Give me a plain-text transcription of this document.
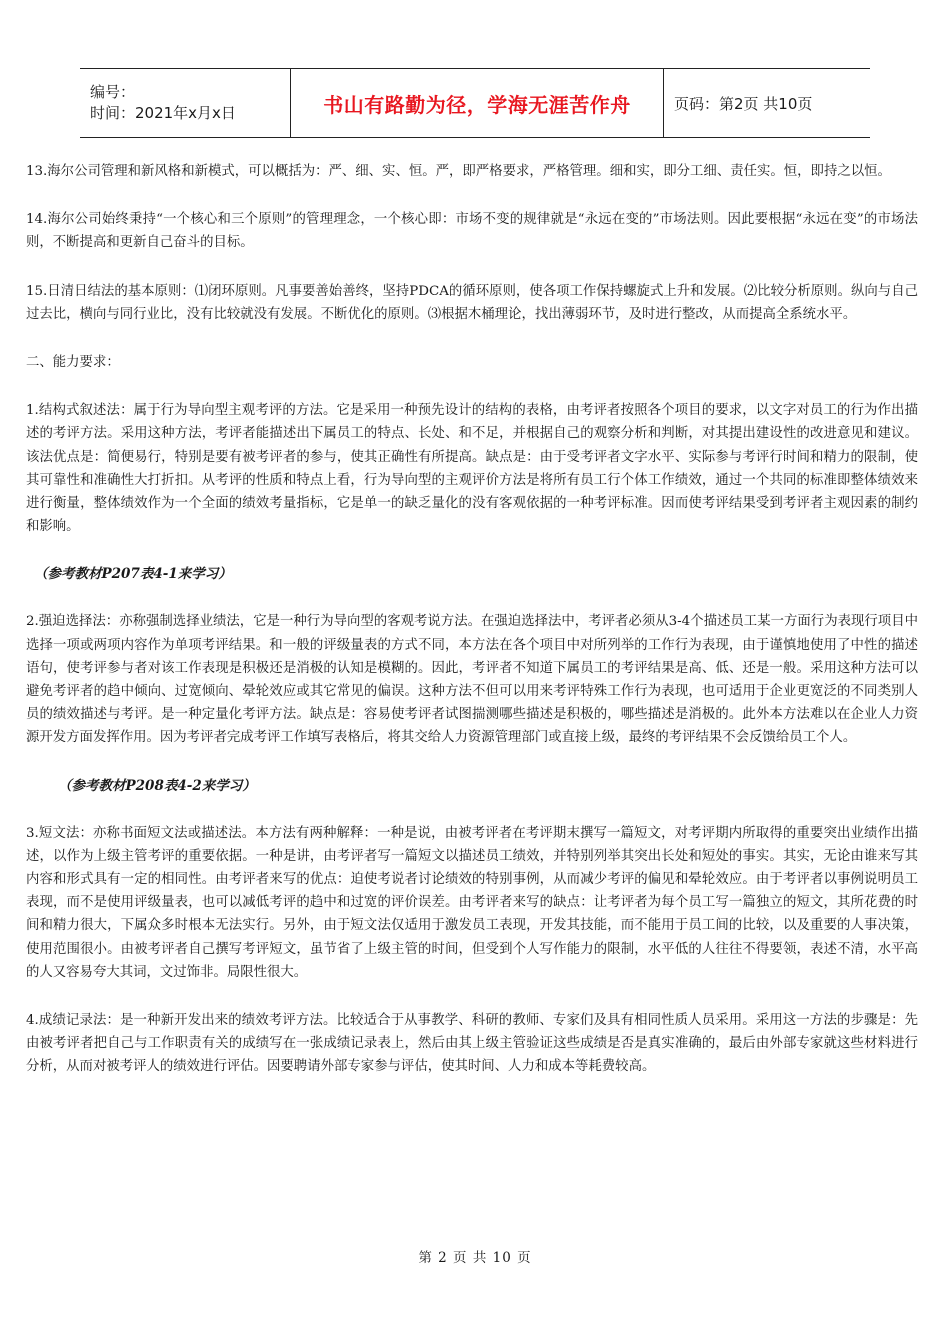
编号：
时间：2021年x月x日	书山有路勤为径，学海无涯苦作舟	页码：第2页 共10页

13.海尔公司管理和新风格和新模式，可以概括为：严、细、实、恒。严，即严格要求，严格管理。细和实，即分工细、责任实。恒，即持之以恒。

14.海尔公司始终秉持“一个核心和三个原则”的管理理念，一个核心即：市场不变的规律就是“永远在变的”市场法则。因此要根据“永远在变”的市场法则，不断提高和更新自己奋斗的目标。

15.日清日结法的基本原则：⑴闭环原则。凡事要善始善终，坚持PDCA的循环原则，使各项工作保持螺旋式上升和发展。⑵比较分析原则。纵向与自己过去比，横向与同行业比，没有比较就没有发展。不断优化的原则。⑶根据木桶理论，找出薄弱环节，及时进行整改，从而提高全系统水平。

二、能力要求：

1.结构式叙述法：属于行为导向型主观考评的方法。它是采用一种预先设计的结构的表格，由考评者按照各个项目的要求，以文字对员工的行为作出描述的考评方法。采用这种方法，考评者能描述出下属员工的特点、长处、和不足，并根据自己的观察分析和判断，对其提出建设性的改进意见和建议。该法优点是：简便易行，特别是要有被考评者的参与，使其正确性有所提高。缺点是：由于受考评者文字水平、实际参与考评行时间和精力的限制，使其可靠性和准确性大打折扣。从考评的性质和特点上看，行为导向型的主观评价方法是将所有员工行个体工作绩效，通过一个共同的标准即整体绩效来进行衡量，整体绩效作为一个全面的绩效考量指标，它是单一的缺乏量化的没有客观依据的一种考评标准。因而使考评结果受到考评者主观因素的制约和影响。

（参考教材P207表4-1来学习）

2.强迫选择法：亦称强制选择业绩法，它是一种行为导向型的客观考说方法。在强迫选择法中，考评者必须从3-4个描述员工某一方面行为表现行项目中选择一项或两项内容作为单项考评结果。和一般的评级量表的方式不同，本方法在各个项目中对所列举的工作行为表现，由于谨慎地使用了中性的描述语句，使考评参与者对该工作表现是积极还是消极的认知是模糊的。因此，考评者不知道下属员工的考评结果是高、低、还是一般。采用这种方法可以避免考评者的趋中倾向、过宽倾向、晕轮效应或其它常见的偏误。这种方法不但可以用来考评特殊工作行为表现，也可适用于企业更宽泛的不同类别人员的绩效描述与考评。是一种定量化考评方法。缺点是：容易使考评者试图揣测哪些描述是积极的，哪些描述是消极的。此外本方法难以在企业人力资源开发方面发挥作用。因为考评者完成考评工作填写表格后，将其交给人力资源管理部门或直接上级，最终的考评结果不会反馈给员工个人。

（参考教材P208表4-2来学习）

3.短文法：亦称书面短文法或描述法。本方法有两种解释：一种是说，由被考评者在考评期末撰写一篇短文，对考评期内所取得的重要突出业绩作出描述，以作为上级主管考评的重要依据。一种是讲，由考评者写一篇短文以描述员工绩效，并特别列举其突出长处和短处的事实。其实，无论由谁来写其内容和形式具有一定的相同性。由考评者来写的优点：迫使考说者讨论绩效的特别事例，从而减少考评的偏见和晕轮效应。由于考评者以事例说明员工表现，而不是使用评级量表，也可以减低考评的趋中和过宽的评价误差。由考评者来写的缺点：让考评者为每个员工写一篇独立的短文，其所花费的时间和精力很大，下属众多时根本无法实行。另外，由于短文法仅适用于激发员工表现，开发其技能，而不能用于员工间的比较，以及重要的人事决策，使用范围很小。由被考评者自己撰写考评短文，虽节省了上级主管的时间，但受到个人写作能力的限制，水平低的人往往不得要领，表述不清，水平高的人又容易夸大其词，文过饰非。局限性很大。

4.成绩记录法：是一种新开发出来的绩效考评方法。比较适合于从事教学、科研的教师、专家们及具有相同性质人员采用。采用这一方法的步骤是：先由被考评者把自己与工作职责有关的成绩写在一张成绩记录表上，然后由其上级主管验证这些成绩是否是真实准确的，最后由外部专家就这些材料进行分析，从而对被考评人的绩效进行评估。因要聘请外部专家参与评估，使其时间、人力和成本等耗费较高。

第 2 页 共 10 页
